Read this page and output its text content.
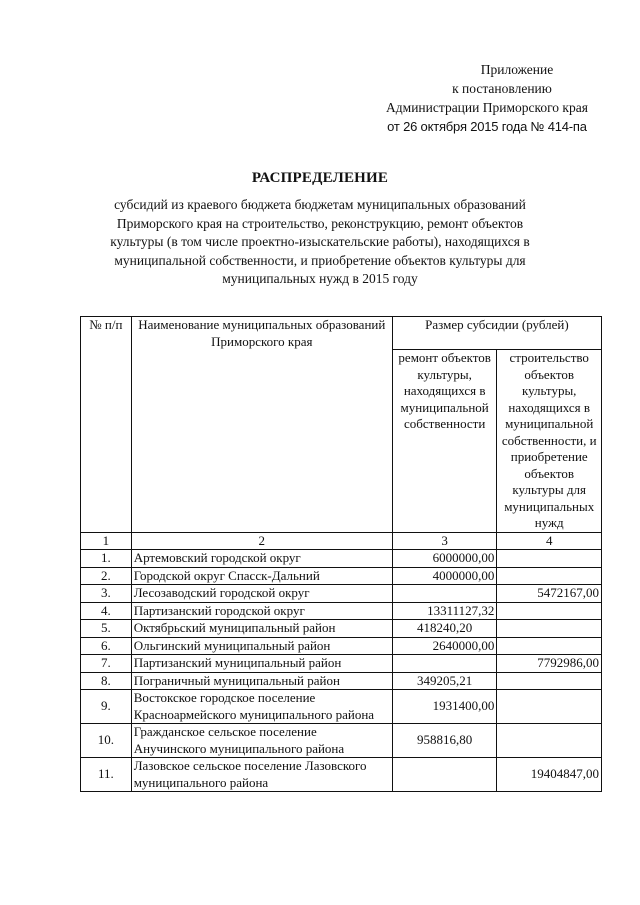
Приложение
к постановлению
Администрации Приморского края
от 26 октября 2015 года № 414-па
РАСПРЕДЕЛЕНИЕ
субсидий из краевого бюджета бюджетам муниципальных образований Приморского края на строительство, реконструкцию, ремонт объектов культуры (в том числе проектно-изыскательские работы), находящихся в муниципальной собственности, и приобретение объектов культуры для муниципальных нужд в 2015 году
№ п/п	Наименование муниципальных образований Приморского края	Размер субсидии (рублей)	
		ремонт объектов культуры, находящихся в муниципальной собственности	строительство объектов культуры, находящихся в муниципальной собственности, и приобретение объектов культуры для муниципальных нужд
1	2	3	4
1.	Артемовский городской округ	6000000,00	
2.	Городской округ Спасск-Дальний	4000000,00	
3.	Лесозаводский городской округ		5472167,00
4.	Партизанский городской округ	13311127,32	
5.	Октябрьский муниципальный район	418240,20	
6.	Ольгинский муниципальный район	2640000,00	
7.	Партизанский муниципальный район		7792986,00
8.	Пограничный муниципальный район	349205,21	
9.	Востокское городское поселение Красноармейского муниципального района	1931400,00	
10.	Гражданское сельское поселение Анучинского муниципального района	958816,80	
11.	Лазовское сельское поселение Лазовского муниципального района		19404847,00
